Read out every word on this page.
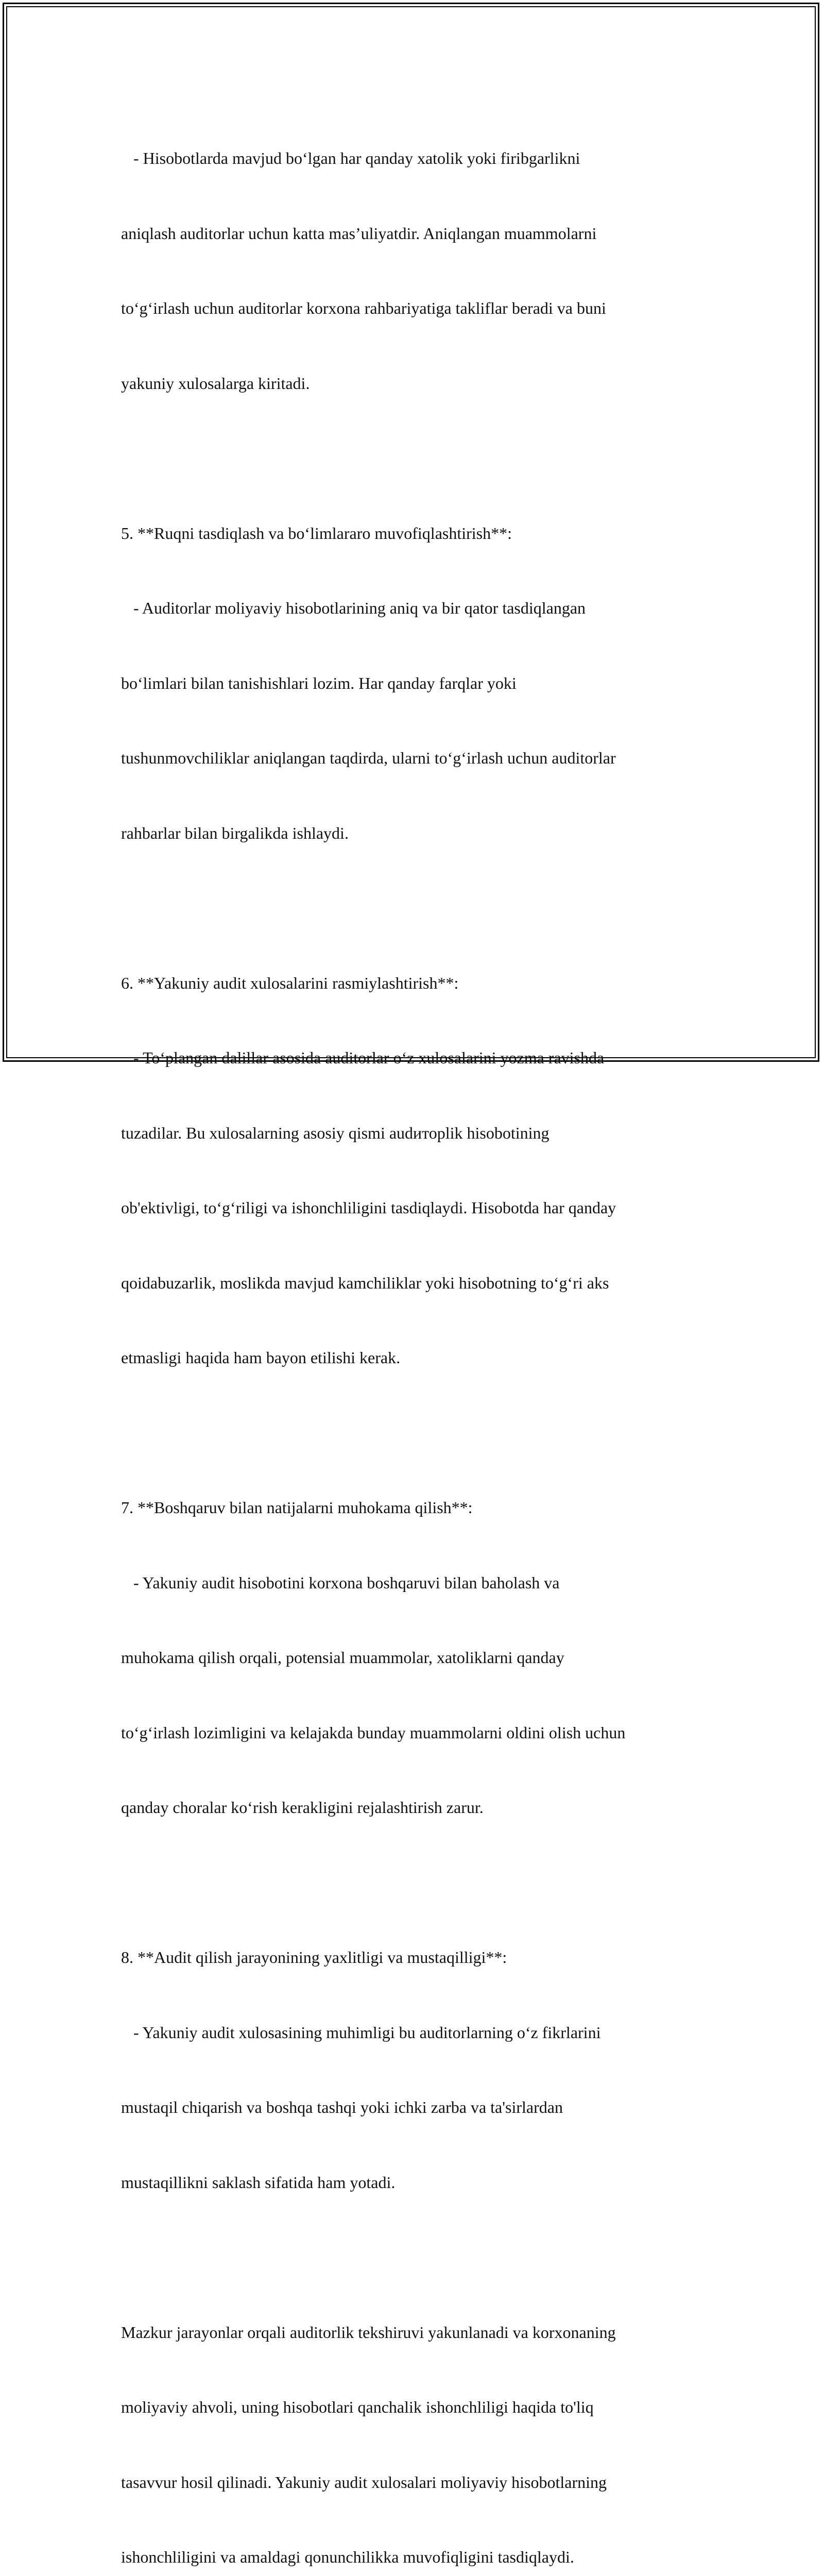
- Hisobotlarda mavjud bo‘lgan har qanday xatolik yoki firibgarlikni

aniqlash auditorlar uchun katta mas’uliyatdir. Aniqlangan muammolarni

to‘g‘irlash uchun auditorlar korxona rahbariyatiga takliflar beradi va buni

yakuniy xulosalarga kiritadi.

5. **Ruqni tasdiqlash va bo‘limlararo muvofiqlashtirish**:

- Auditorlar moliyaviy hisobotlarining aniq va bir qator tasdiqlangan

bo‘limlari bilan tanishishlari lozim. Har qanday farqlar yoki

tushunmovchiliklar aniqlangan taqdirda, ularni to‘g‘irlash uchun auditorlar

rahbarlar bilan birgalikda ishlaydi.

6. **Yakuniy audit xulosalarini rasmiylashtirish**:

- To‘plangan dalillar asosida auditorlar o‘z xulosalarini yozma ravishda

tuzadilar. Bu xulosalarning asosiy qismi audиторlik hisobotining

ob'ektivligi, to‘g‘riligi va ishonchliligini tasdiqlaydi. Hisobotda har qanday

qoidabuzarlik, moslikda mavjud kamchiliklar yoki hisobotning to‘g‘ri aks

etmasligi haqida ham bayon etilishi kerak.

7. **Boshqaruv bilan natijalarni muhokama qilish**:

- Yakuniy audit hisobotini korxona boshqaruvi bilan baholash va

muhokama qilish orqali, potensial muammolar, xatoliklarni qanday

to‘g‘irlash lozimligini va kelajakda bunday muammolarni oldini olish uchun

qanday choralar ko‘rish kerakligini rejalashtirish zarur.

8. **Audit qilish jarayonining yaxlitligi va mustaqilligi**:

- Yakuniy audit xulosasining muhimligi bu auditorlarning o‘z fikrlarini

mustaqil chiqarish va boshqa tashqi yoki ichki zarba va ta'sirlardan

mustaqillikni saklash sifatida ham yotadi.

Mazkur jarayonlar orqali auditorlik tekshiruvi yakunlanadi va korxonaning

moliyaviy ahvoli, uning hisobotlari qanchalik ishonchliligi haqida to'liq

tasavvur hosil qilinadi. Yakuniy audit xulosalari moliyaviy hisobotlarning

ishonchliligini va amaldagi qonunchilikka muvofiqligini tasdiqlaydi.
